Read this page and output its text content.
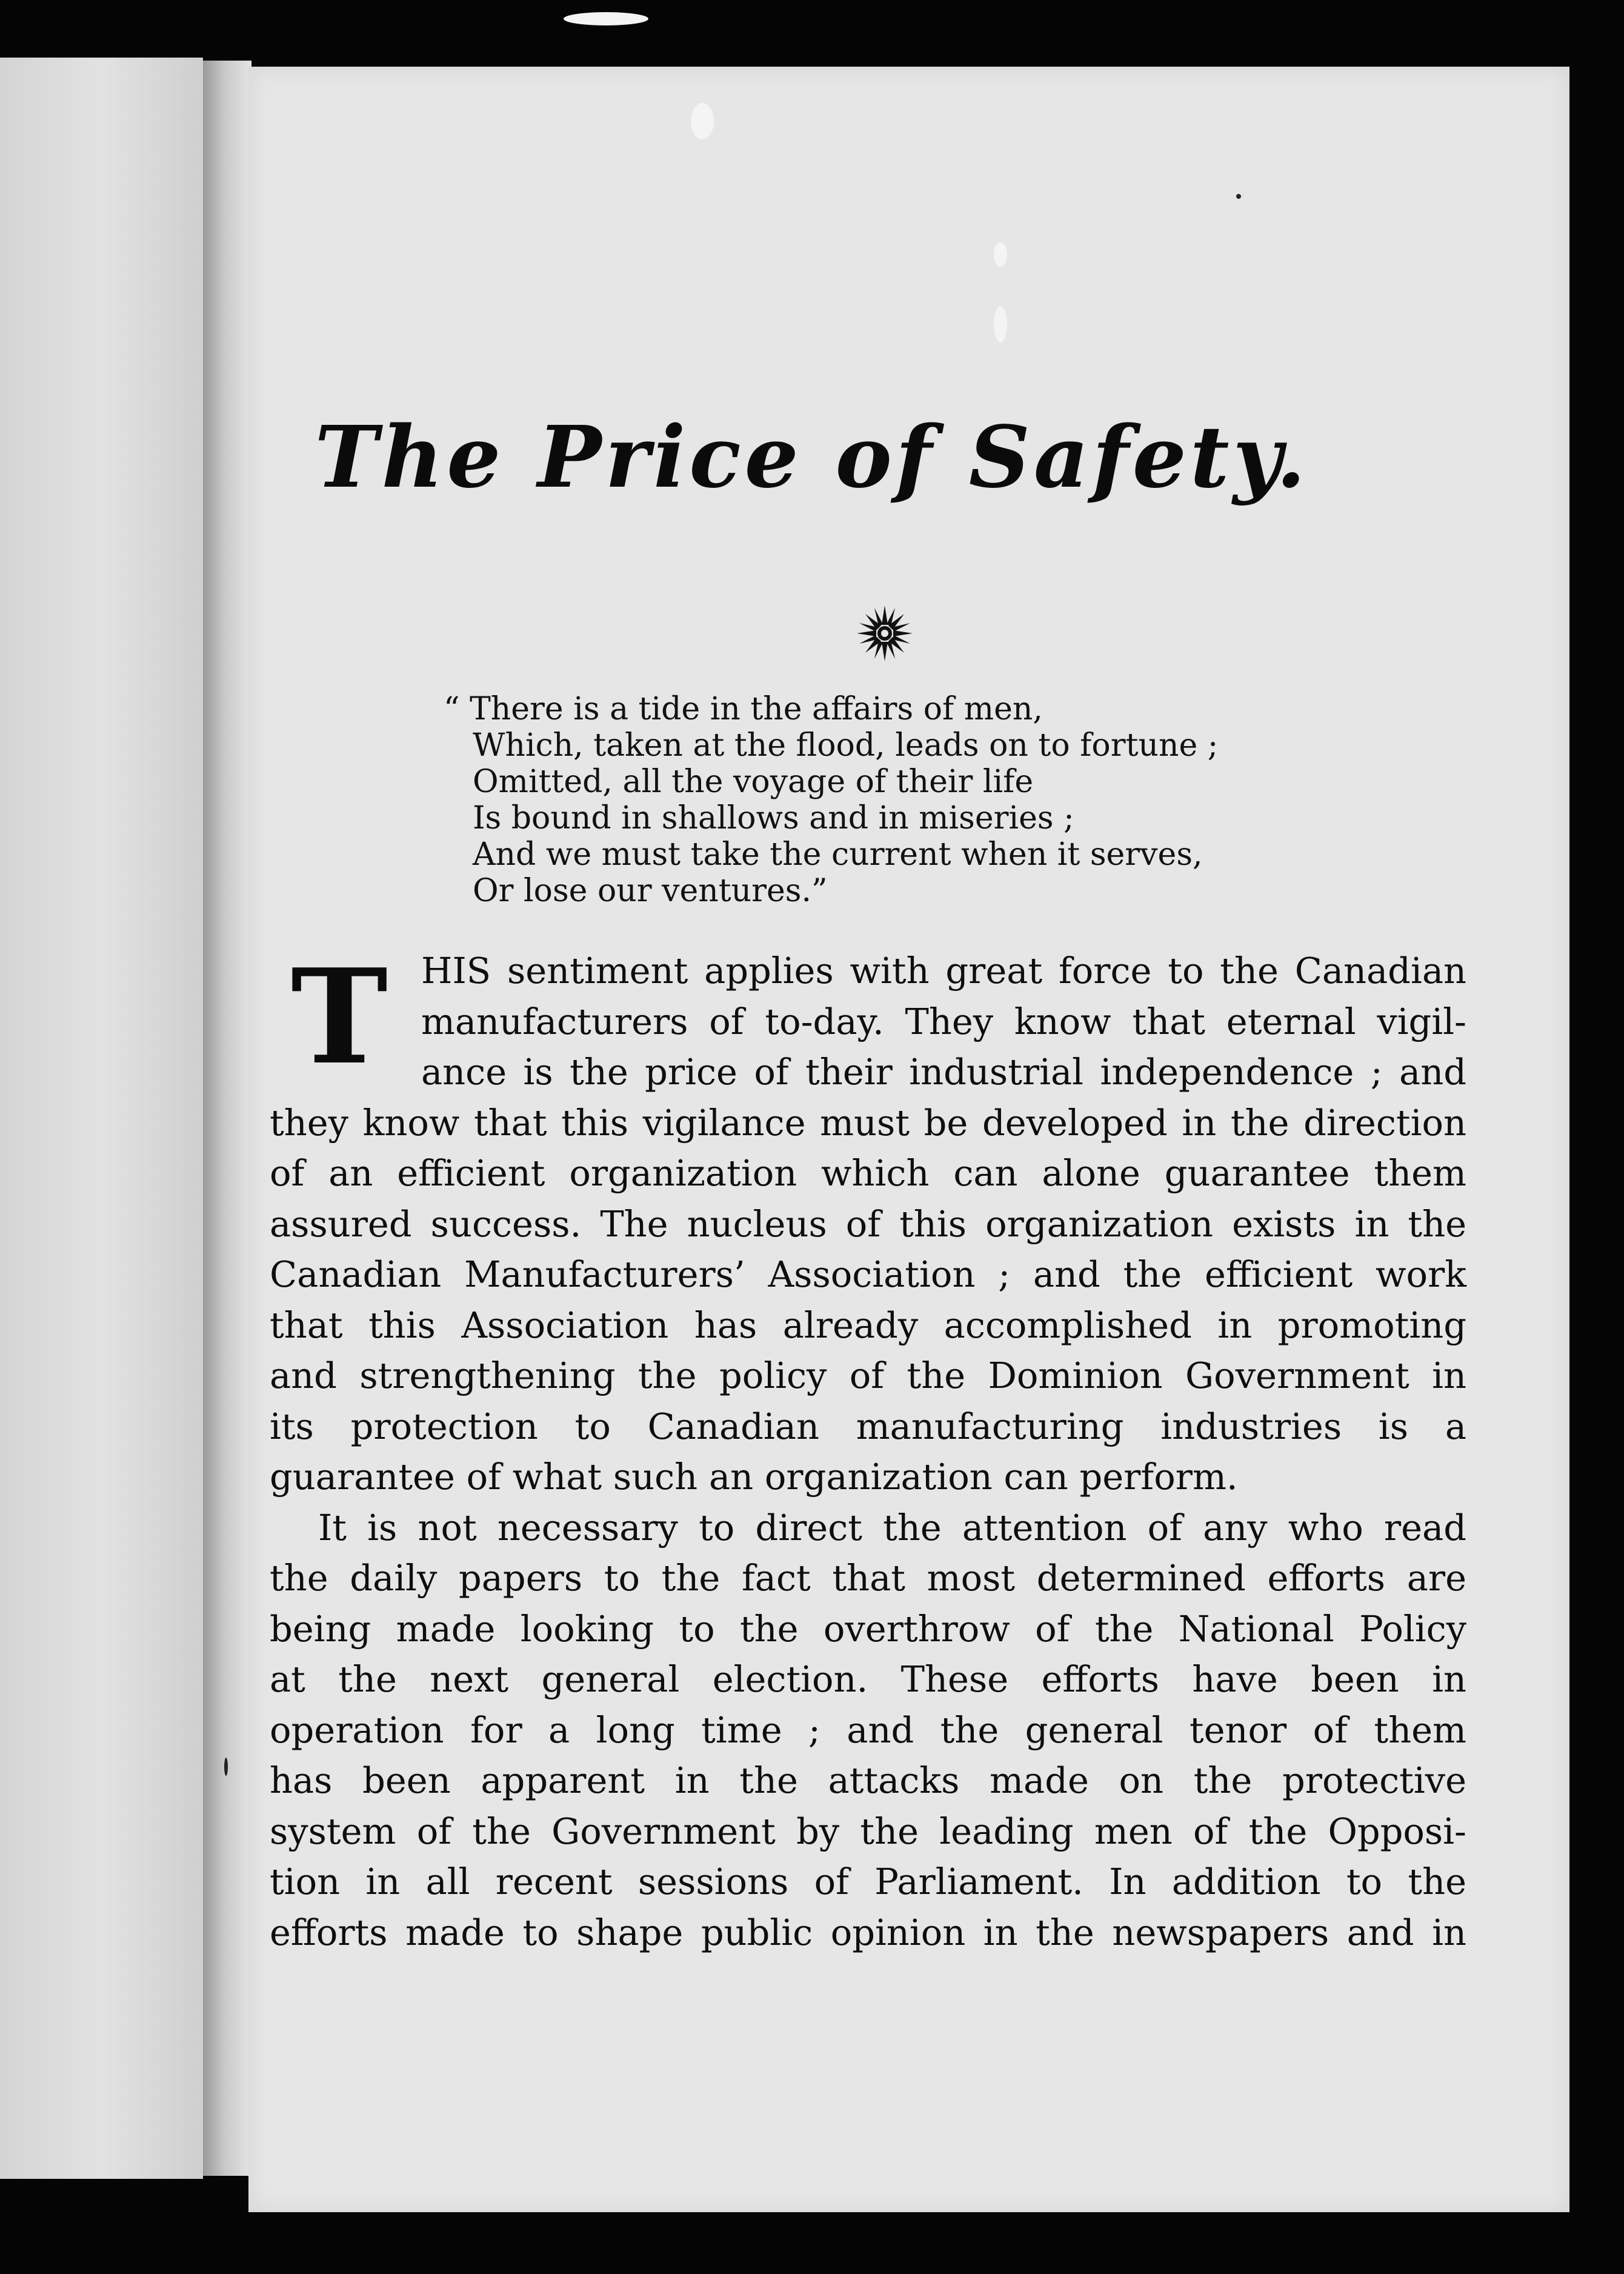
The Price of Safety.
“ There is a tide in the affairs of men,
Which, taken at the flood, leads on to fortune ;
Omitted, all the voyage of their life
Is bound in shallows and in miseries ;
And we must take the current when it serves,
Or lose our ventures.”
T HIS sentiment applies with great force to the Canadian
manufacturers of to-day. They know that eternal vigil-
ance is the price of their industrial independence ; and
they know that this vigilance must be developed in the direction
of an efficient organization which can alone guarantee them
assured success. The nucleus of this organization exists in the
Canadian Manufacturers’ Association ; and the efficient work
that this Association has already accomplished in promoting
and strengthening the policy of the Dominion Government in
its protection to Canadian manufacturing industries is a
guarantee of what such an organization can perform.
It is not necessary to direct the attention of any who read
the daily papers to the fact that most determined efforts are
being made looking to the overthrow of the National Policy
at the next general election. These efforts have been in
operation for a long time ; and the general tenor of them
has been apparent in the attacks made on the protective
system of the Government by the leading men of the Opposi-
tion in all recent sessions of Parliament. In addition to the
efforts made to shape public opinion in the newspapers and in
